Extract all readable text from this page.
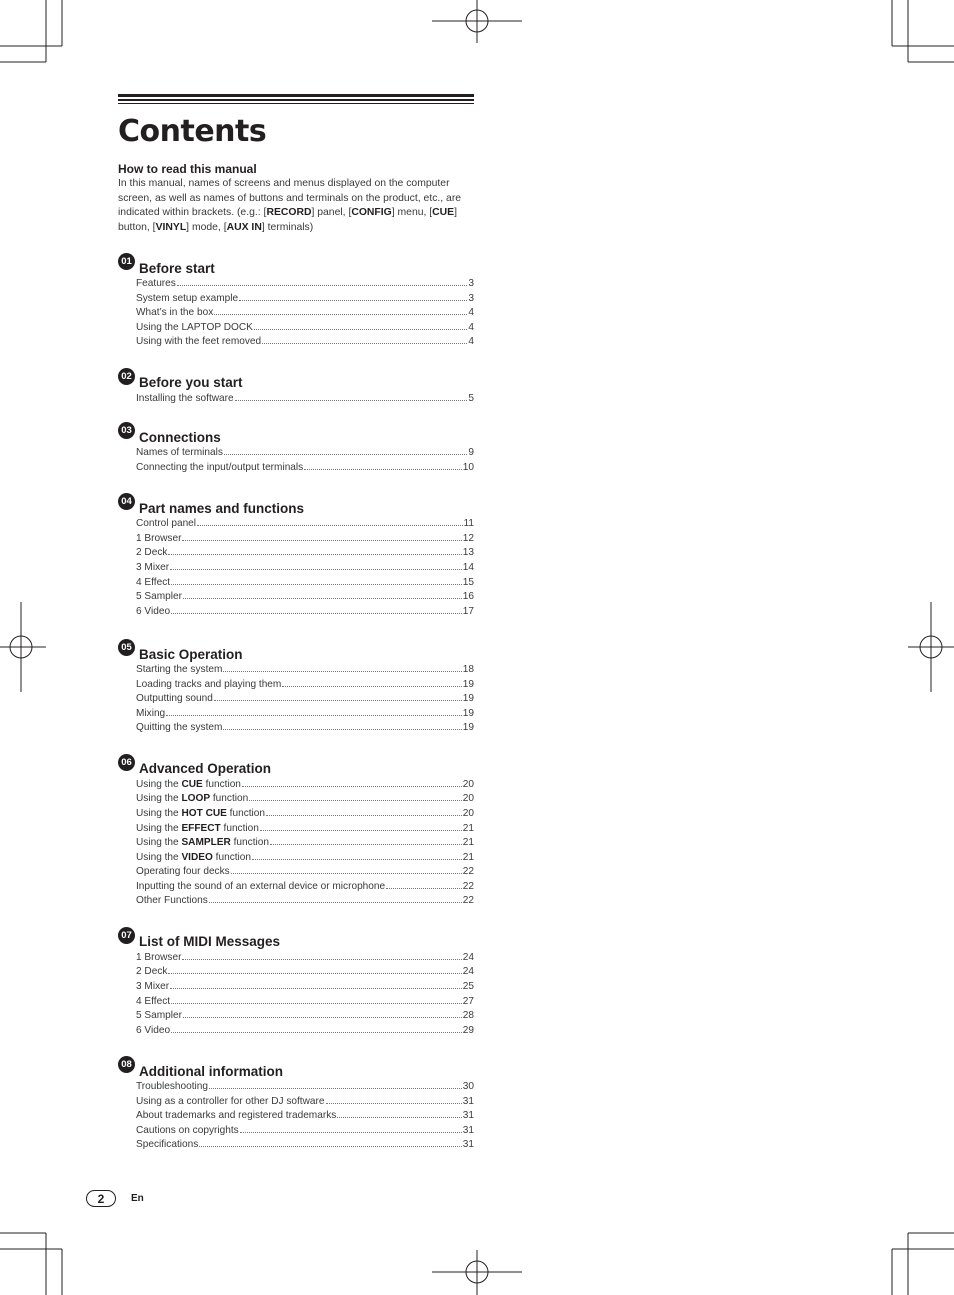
Contents

How to read this manual

In this manual, names of screens and menus displayed on the computer screen, as well as names of buttons and terminals on the product, etc., are indicated within brackets. (e.g.: [RECORD] panel, [CONFIG] menu, [CUE] button, [VINYL] mode, [AUX IN] terminals)

01 Before start
Features	3
System setup example	3
What’s in the box	4
Using the LAPTOP DOCK	4
Using with the feet removed	4
02 Before you start
Installing the software	5
03 Connections
Names of terminals	9
Connecting the input/output terminals	10
04 Part names and functions
Control panel	11
1 Browser	12
2 Deck	13
3 Mixer	14
4 Effect	15
5 Sampler	16
6 Video	17
05 Basic Operation
Starting the system	18
Loading tracks and playing them	19
Outputting sound	19
Mixing	19
Quitting the system	19
06 Advanced Operation
Using the CUE function	20
Using the LOOP function	20
Using the HOT CUE function	20
Using the EFFECT function	21
Using the SAMPLER function	21
Using the VIDEO function	21
Operating four decks	22
Inputting the sound of an external device or microphone	22
Other Functions	22
07 List of MIDI Messages
1 Browser	24
2 Deck	24
3 Mixer	25
4 Effect	27
5 Sampler	28
6 Video	29
08 Additional information
Troubleshooting	30
Using as a controller for other DJ software	31
About trademarks and registered trademarks	31
Cautions on copyrights	31
Specifications	31
2	En
